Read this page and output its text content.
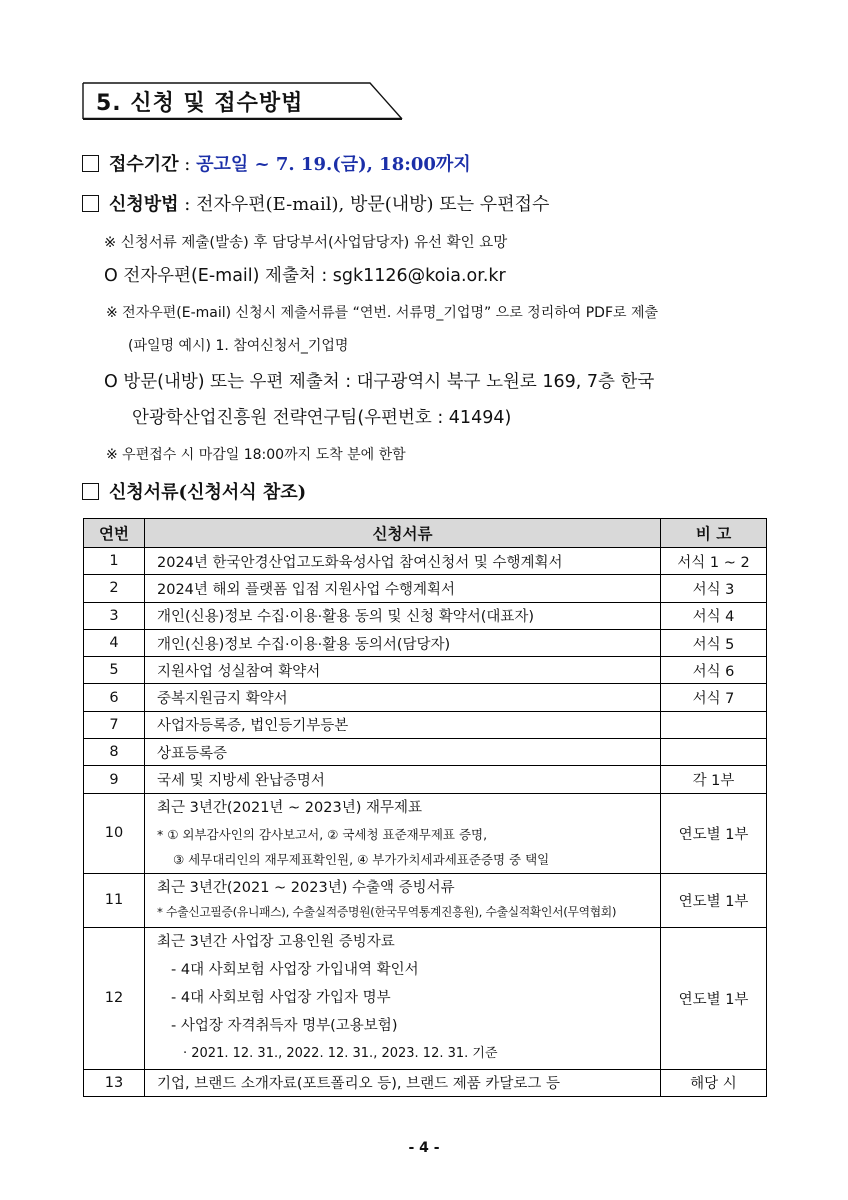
5. 신청 및 접수방법
접수기간 : 공고일 ~ 7. 19.(금), 18:00까지
신청방법 : 전자우편(E-mail), 방문(내방) 또는 우편접수
※ 신청서류 제출(발송) 후 담당부서(사업담당자) 유선 확인 요망
O 전자우편(E-mail) 제출처 : sgk1126@koia.or.kr
※ 전자우편(E-mail) 신청시 제출서류를 “연번. 서류명_기업명” 으로 정리하여 PDF로 제출
(파일명 예시) 1. 참여신청서_기업명
O 방문(내방) 또는 우편 제출처 : 대구광역시 북구 노원로 169, 7층 한국
안광학산업진흥원 전략연구팀(우편번호 : 41494)
※ 우편접수 시 마감일 18:00까지 도착 분에 한함
신청서류(신청서식 참조)
연번	신청서류	비 고
1	2024년 한국안경산업고도화육성사업 참여신청서 및 수행계획서	서식 1 ~ 2
2	2024년 해외 플랫폼 입점 지원사업 수행계획서	서식 3
3	개인(신용)정보 수집·이용·활용 동의 및 신청 확약서(대표자)	서식 4
4	개인(신용)정보 수집·이용·활용 동의서(담당자)	서식 5
5	지원사업 성실참여 확약서	서식 6
6	중복지원금지 확약서	서식 7
7	사업자등록증, 법인등기부등본	
8	상표등록증	
9	국세 및 지방세 완납증명서	각 1부
10	최근 3년간(2021년 ~ 2023년) 재무제표
* ① 외부감사인의 감사보고서, ② 국세청 표준재무제표 증명,
③ 세무대리인의 재무제표확인원, ④ 부가가치세과세표준증명 중 택일	연도별 1부
11	최근 3년간(2021 ~ 2023년) 수출액 증빙서류
* 수출신고필증(유니패스), 수출실적증명원(한국무역통계진흥원), 수출실적확인서(무역협회)	연도별 1부
12	최근 3년간 사업장 고용인원 증빙자료
- 4대 사회보험 사업장 가입내역 확인서
- 4대 사회보험 사업장 가입자 명부
- 사업장 자격취득자 명부(고용보험)
· 2021. 12. 31., 2022. 12. 31., 2023. 12. 31. 기준	연도별 1부
13	기업, 브랜드 소개자료(포트폴리오 등), 브랜드 제품 카달로그 등	해당 시
- 4 -
